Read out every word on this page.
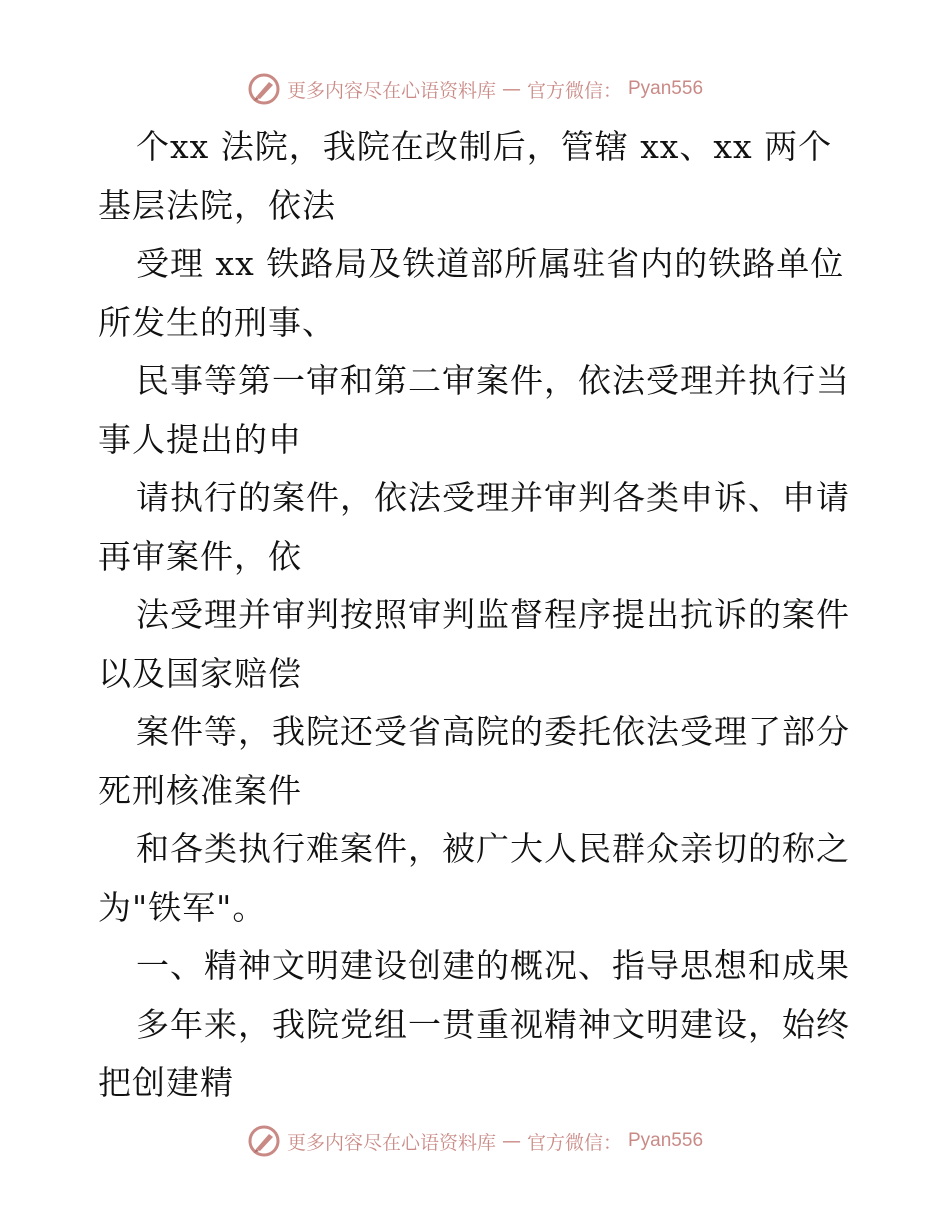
更多内容尽在心语资料库 — 官方微信： Pyan556

个xx 法院，我院在改制后，管辖 xx、xx 两个基层法院，依法

受理 xx 铁路局及铁道部所属驻省内的铁路单位所发生的刑事、

民事等第一审和第二审案件，依法受理并执行当事人提出的申

请执行的案件，依法受理并审判各类申诉、申请再审案件，依

法受理并审判按照审判监督程序提出抗诉的案件以及国家赔偿

案件等，我院还受省高院的委托依法受理了部分死刑核准案件

和各类执行难案件，被广大人民群众亲切的称之为"铁军"。

一、精神文明建设创建的概况、指导思想和成果

多年来，我院党组一贯重视精神文明建设，始终把创建精

更多内容尽在心语资料库 — 官方微信： Pyan556
